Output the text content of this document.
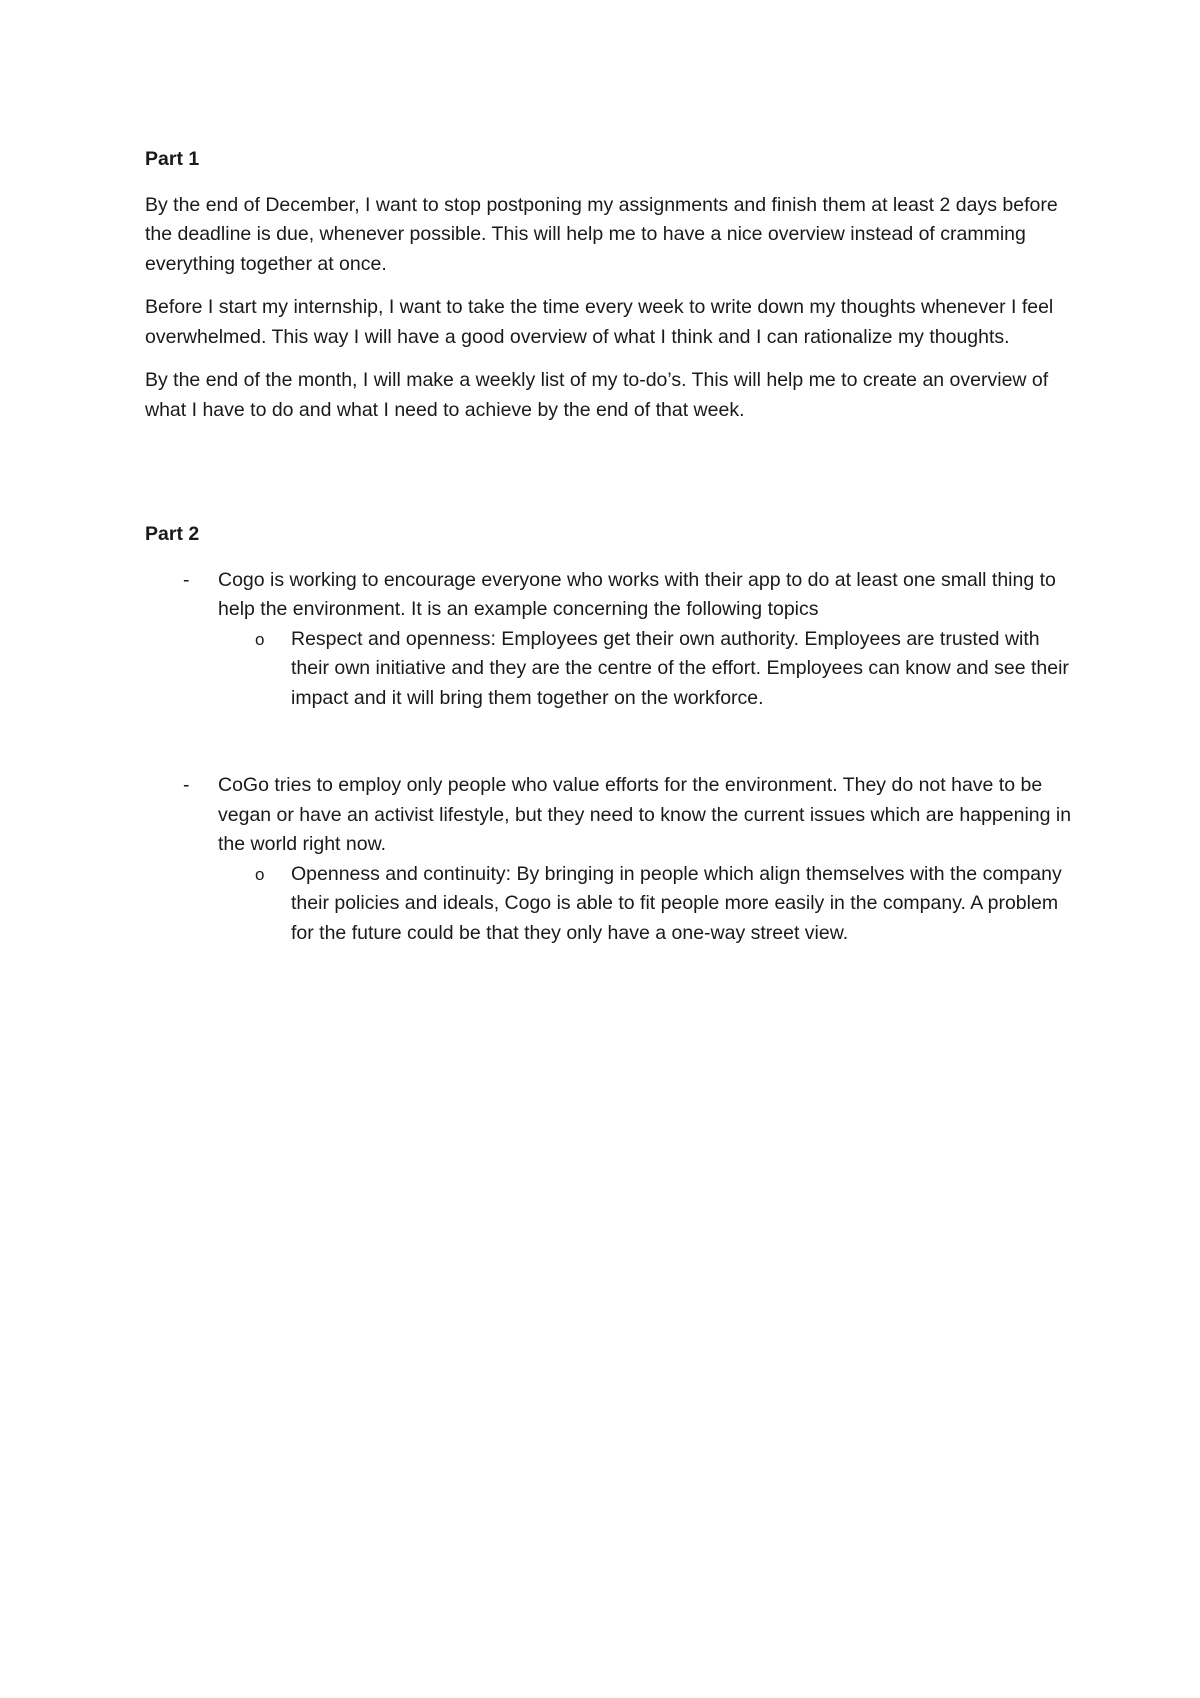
Part 1

By the end of December, I want to stop postponing my assignments and finish them at least 2 days before the deadline is due, whenever possible. This will help me to have a nice overview instead of cramming everything together at once.

Before I start my internship, I want to take the time every week to write down my thoughts whenever I feel overwhelmed. This way I will have a good overview of what I think and I can rationalize my thoughts.

By the end of the month, I will make a weekly list of my to-do’s. This will help me to create an overview of what I have to do and what I need to achieve by the end of that week.

Part 2

- Cogo is working to encourage everyone who works with their app to do at least one small thing to help the environment. It is an example concerning the following topics
o Respect and openness: Employees get their own authority. Employees are trusted with their own initiative and they are the centre of the effort. Employees can know and see their impact and it will bring them together on the workforce.
- CoGo tries to employ only people who value efforts for the environment. They do not have to be vegan or have an activist lifestyle, but they need to know the current issues which are happening in the world right now.
o Openness and continuity: By bringing in people which align themselves with the company their policies and ideals, Cogo is able to fit people more easily in the company. A problem for the future could be that they only have a one-way street view.
